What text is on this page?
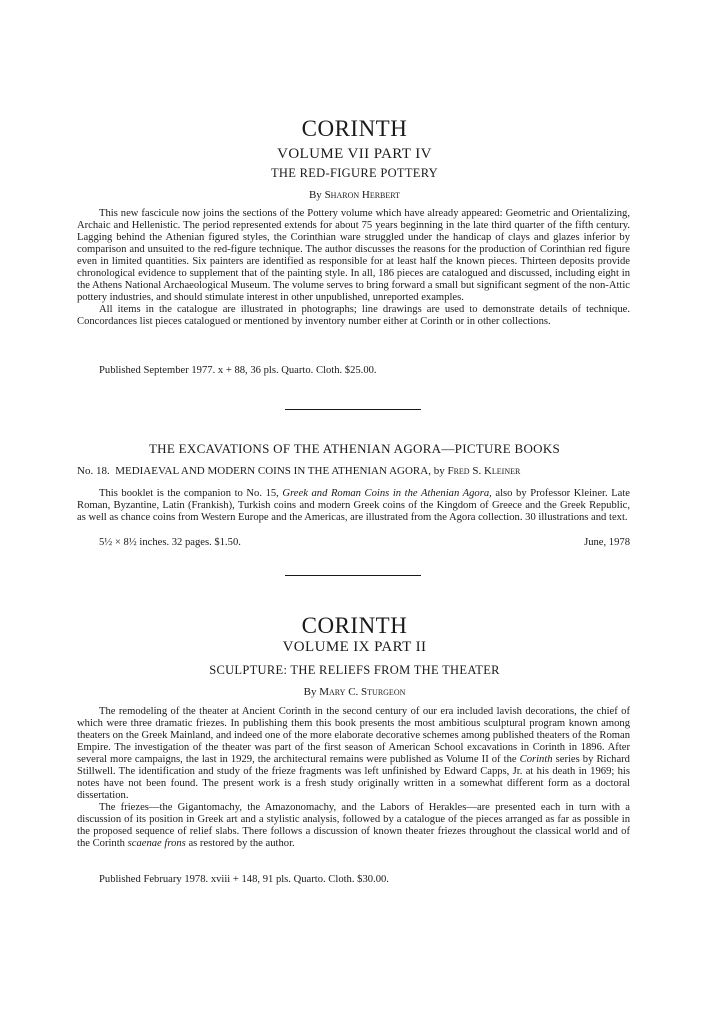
CORINTH
VOLUME VII PART IV
THE RED-FIGURE POTTERY
By Sharon Herbert

This new fascicule now joins the sections of the Pottery volume which have already appeared: Geometric and Orientalizing, Archaic and Hellenistic. The period represented extends for about 75 years beginning in the late third quarter of the fifth century. Lagging behind the Athenian figured styles, the Corinthian ware struggled under the handicap of clays and glazes inferior by comparison and unsuited to the red-figure technique. The author discusses the reasons for the production of Corinthian red figure even in limited quantities. Six painters are identified as responsible for at least half the known pieces. Thirteen deposits provide chronological evidence to supplement that of the painting style. In all, 186 pieces are catalogued and discussed, including eight in the Athens National Archaeological Museum. The volume serves to bring forward a small but significant segment of the non-Attic pottery industries, and should stimulate interest in other unpublished, unreported examples.

All items in the catalogue are illustrated in photographs; line drawings are used to demonstrate details of technique. Concordances list pieces catalogued or mentioned by inventory number either at Corinth or in other collections.

Published September 1977. x + 88, 36 pls. Quarto. Cloth. $25.00.
THE EXCAVATIONS OF THE ATHENIAN AGORA—PICTURE BOOKS
No. 18. MEDIAEVAL AND MODERN COINS IN THE ATHENIAN AGORA, by Fred S. Kleiner

This booklet is the companion to No. 15, Greek and Roman Coins in the Athenian Agora, also by Professor Kleiner. Late Roman, Byzantine, Latin (Frankish), Turkish coins and modern Greek coins of the Kingdom of Greece and the Greek Republic, as well as chance coins from Western Europe and the Americas, are illustrated from the Agora collection. 30 illustrations and text.

5½ × 8½ inches. 32 pages. $1.50.	June, 1978
CORINTH
VOLUME IX PART II
SCULPTURE: THE RELIEFS FROM THE THEATER
By Mary C. Sturgeon

The remodeling of the theater at Ancient Corinth in the second century of our era included lavish decorations, the chief of which were three dramatic friezes. In publishing them this book presents the most ambitious sculptural program known among theaters on the Greek Mainland, and indeed one of the more elaborate decorative schemes among published theaters of the Roman Empire. The investigation of the theater was part of the first season of American School excavations in Corinth in 1896. After several more campaigns, the last in 1929, the architectural remains were published as Volume II of the Corinth series by Richard Stillwell. The identification and study of the frieze fragments was left unfinished by Edward Capps, Jr. at his death in 1969; his notes have not been found. The present work is a fresh study originally written in a somewhat different form as a doctoral dissertation.

The friezes—the Gigantomachy, the Amazonomachy, and the Labors of Herakles—are presented each in turn with a discussion of its position in Greek art and a stylistic analysis, followed by a catalogue of the pieces arranged as far as possible in the proposed sequence of relief slabs. There follows a discussion of known theater friezes throughout the classical world and of the Corinth scaenae frons as restored by the author.

Published February 1978. xviii + 148, 91 pls. Quarto. Cloth. $30.00.
